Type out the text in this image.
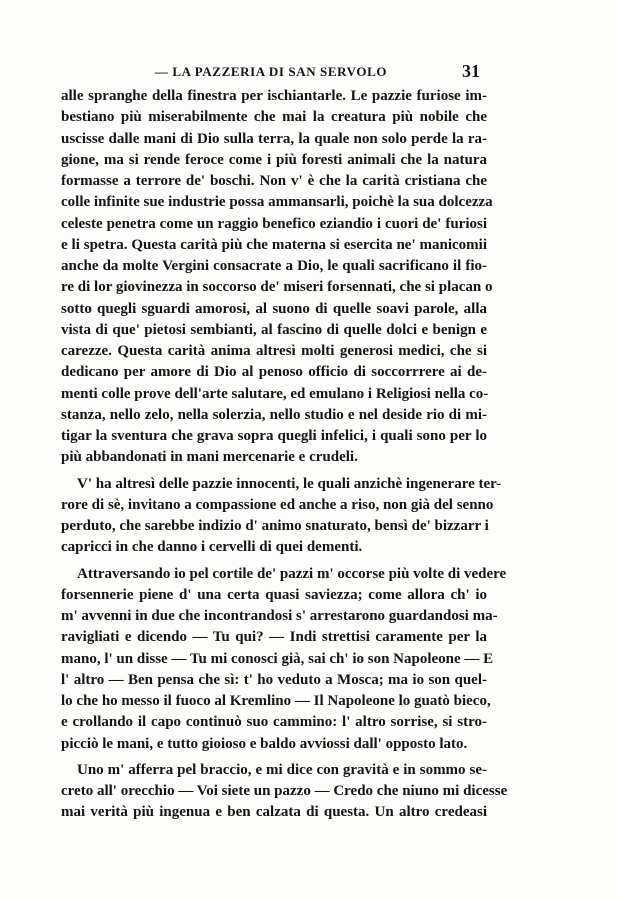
— LA PAZZERIA DI SAN SERVOLO	31
alle spranghe della finestra per ischiantarle. Le pazzie furiose im-
bestiano più miserabilmente che mai la creatura più nobile che
uscisse dalle mani di Dio sulla terra, la quale non solo perde la ra-
gione, ma si rende feroce come i più foresti animali che la natura
formasse a terrore de' boschi. Non v' è che la carità cristiana che
colle infinite sue industrie possa ammansarli, poichè la sua dolcezza
celeste penetra come un raggio benefico eziandio i cuori de' furiosi
e li spetra. Questa carità più che materna si esercita ne' manicomii
anche da molte Vergini consacrate a Dio, le quali sacrificano il fio-
re di lor giovinezza in soccorso de' miseri forsennati, che si placan o
sotto quegli sguardi amorosi, al suono di quelle soavi parole, alla
vista di que' pietosi sembianti, al fascino di quelle dolci e benign e
carezze. Questa carità anima altresì molti generosi medici, che si
dedicano per amore di Dio al penoso officio di soccorrrere ai de-
menti colle prove dell'arte salutare, ed emulano i Religiosi nella co-
stanza, nello zelo, nella solerzia, nello studio e nel deside rio di mi-
tigar la sventura che grava sopra quegli infelici, i quali sono per lo
più abbandonati in mani mercenarie e crudeli.
V' ha altresì delle pazzie innocenti, le quali anzichè ingenerare ter-
rore di sè, invitano a compassione ed anche a riso, non già del senno
perduto, che sarebbe indizio d' animo snaturato, bensì de' bizzarr i
capricci in che danno i cervelli di quei dementi.
Attraversando io pel cortile de' pazzi m' occorse più volte di vedere
forsennerie piene d' una certa quasi saviezza; come allora ch' io
m' avvenni in due che incontrandosi s' arrestarono guardandosi ma-
ravigliati e dicendo — Tu qui? — Indi strettisi caramente per la
mano, l' un disse — Tu mi conosci già, sai ch' io son Napoleone — E
l' altro — Ben pensa che sì: t' ho veduto a Mosca; ma io son quel-
lo che ho messo il fuoco al Kremlino — Il Napoleone lo guatò bieco,
e crollando il capo continuò suo cammino: l' altro sorrise, si stro-
picciò le mani, e tutto gioioso e baldo avviossi dall' opposto lato.
Uno m' afferra pel braccio, e mi dice con gravità e in sommo se-
creto all' orecchio — Voi siete un pazzo — Credo che niuno mi dicesse
mai verità più ingenua e ben calzata di questa. Un altro credeasi
